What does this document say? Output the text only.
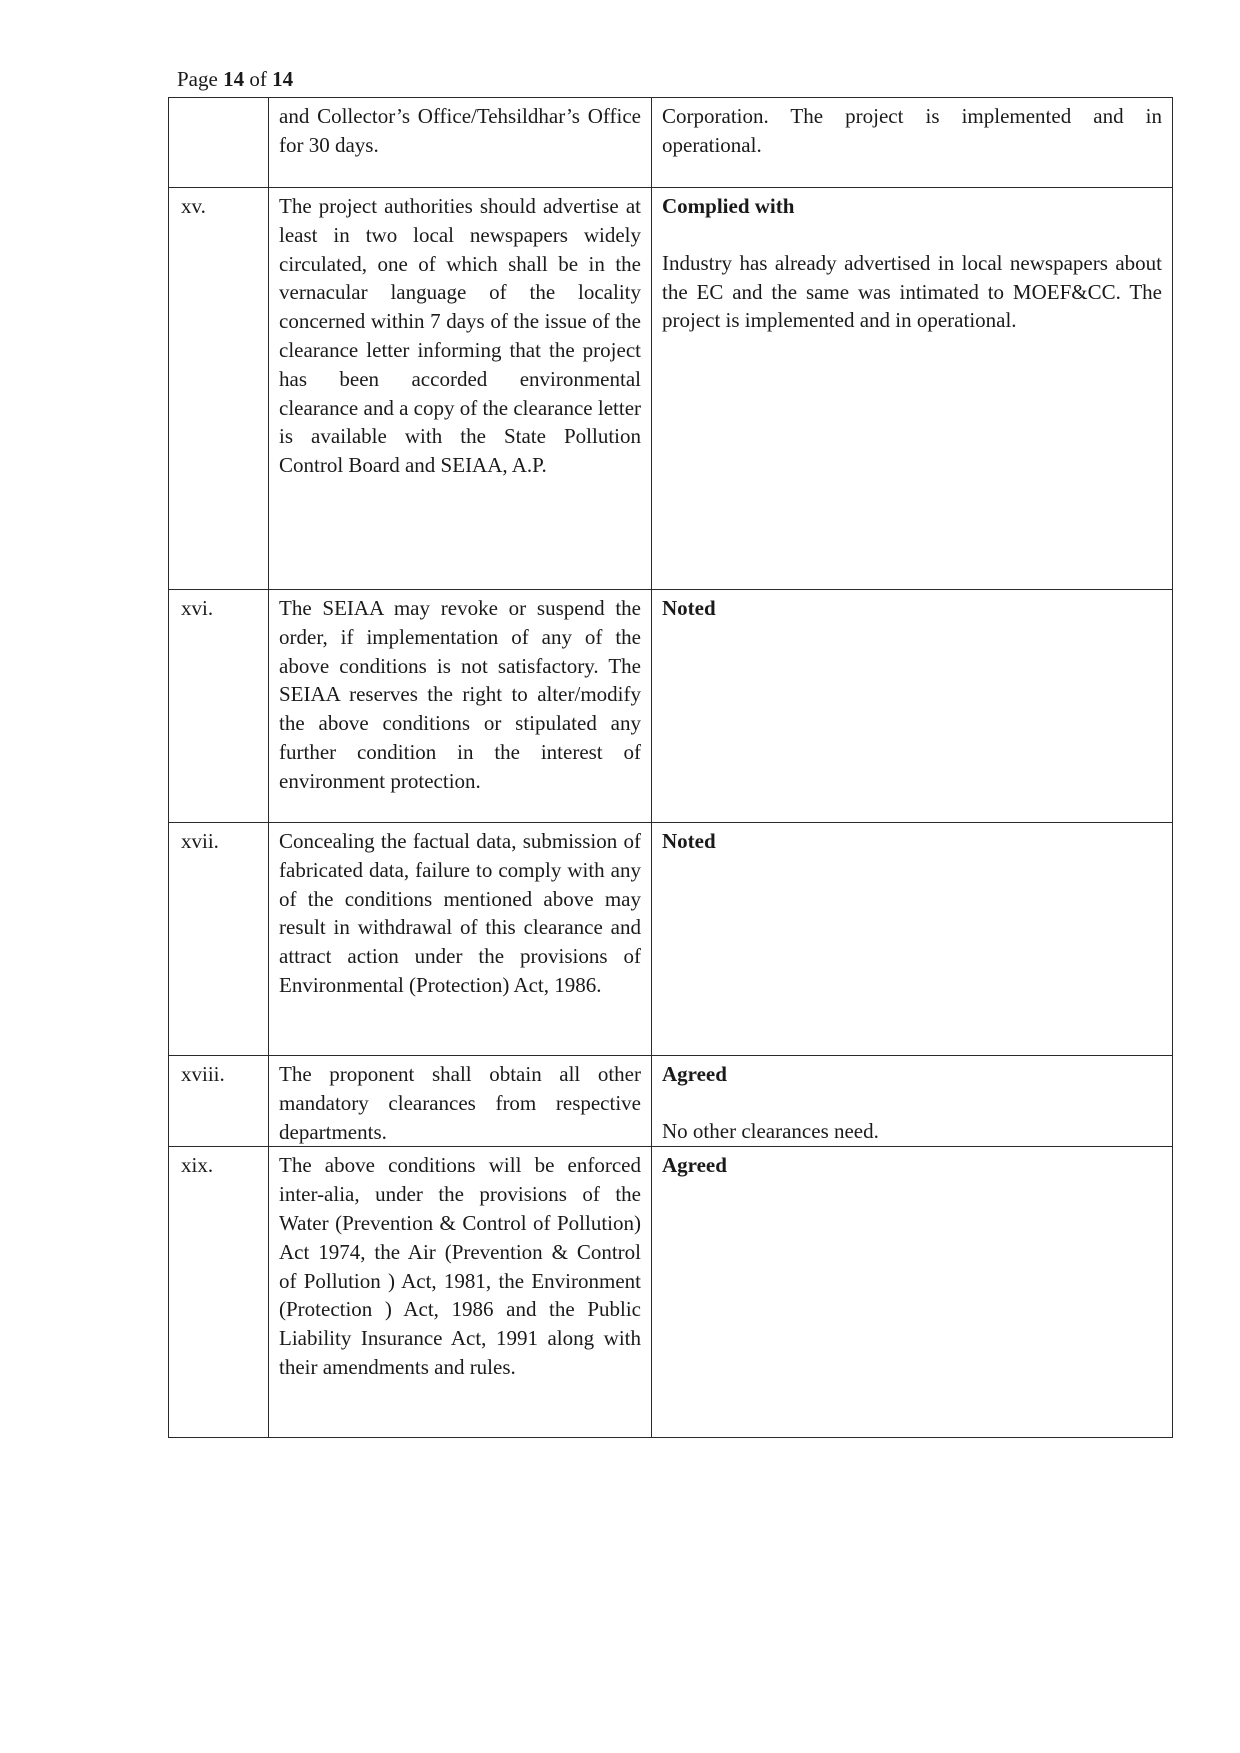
Page 14 of 14
	and Collector’s Office/Tehsildhar’s Office for 30 days.	Corporation. The project is implemented and in operational.

xv.	The project authorities should advertise at least in two local newspapers widely circulated, one of which shall be in the vernacular language of the locality concerned within 7 days of the issue of the clearance letter informing that the project has been accorded environmental clearance and a copy of the clearance letter is available with the State Pollution Control Board and SEIAA, A.P.	Complied with

Industry has already advertised in local newspapers about the EC and the same was intimated to MOEF&CC. The project is implemented and in operational.

xvi.	The SEIAA may revoke or suspend the order, if implementation of any of the above conditions is not satisfactory. The SEIAA reserves the right to alter/modify the above conditions or stipulated any further condition in the interest of environment protection.	Noted

xvii.	Concealing the factual data, submission of fabricated data, failure to comply with any of the conditions mentioned above may result in withdrawal of this clearance and attract action under the provisions of Environmental (Protection) Act, 1986.	Noted

xviii.	The proponent shall obtain all other mandatory clearances from respective departments.	Agreed

No other clearances need.

xix.	The above conditions will be enforced inter-alia, under the provisions of the Water (Prevention & Control of Pollution) Act 1974, the Air (Prevention & Control of Pollution ) Act, 1981, the Environment (Protection ) Act, 1986 and the Public Liability Insurance Act, 1991 along with their amendments and rules.	Agreed
